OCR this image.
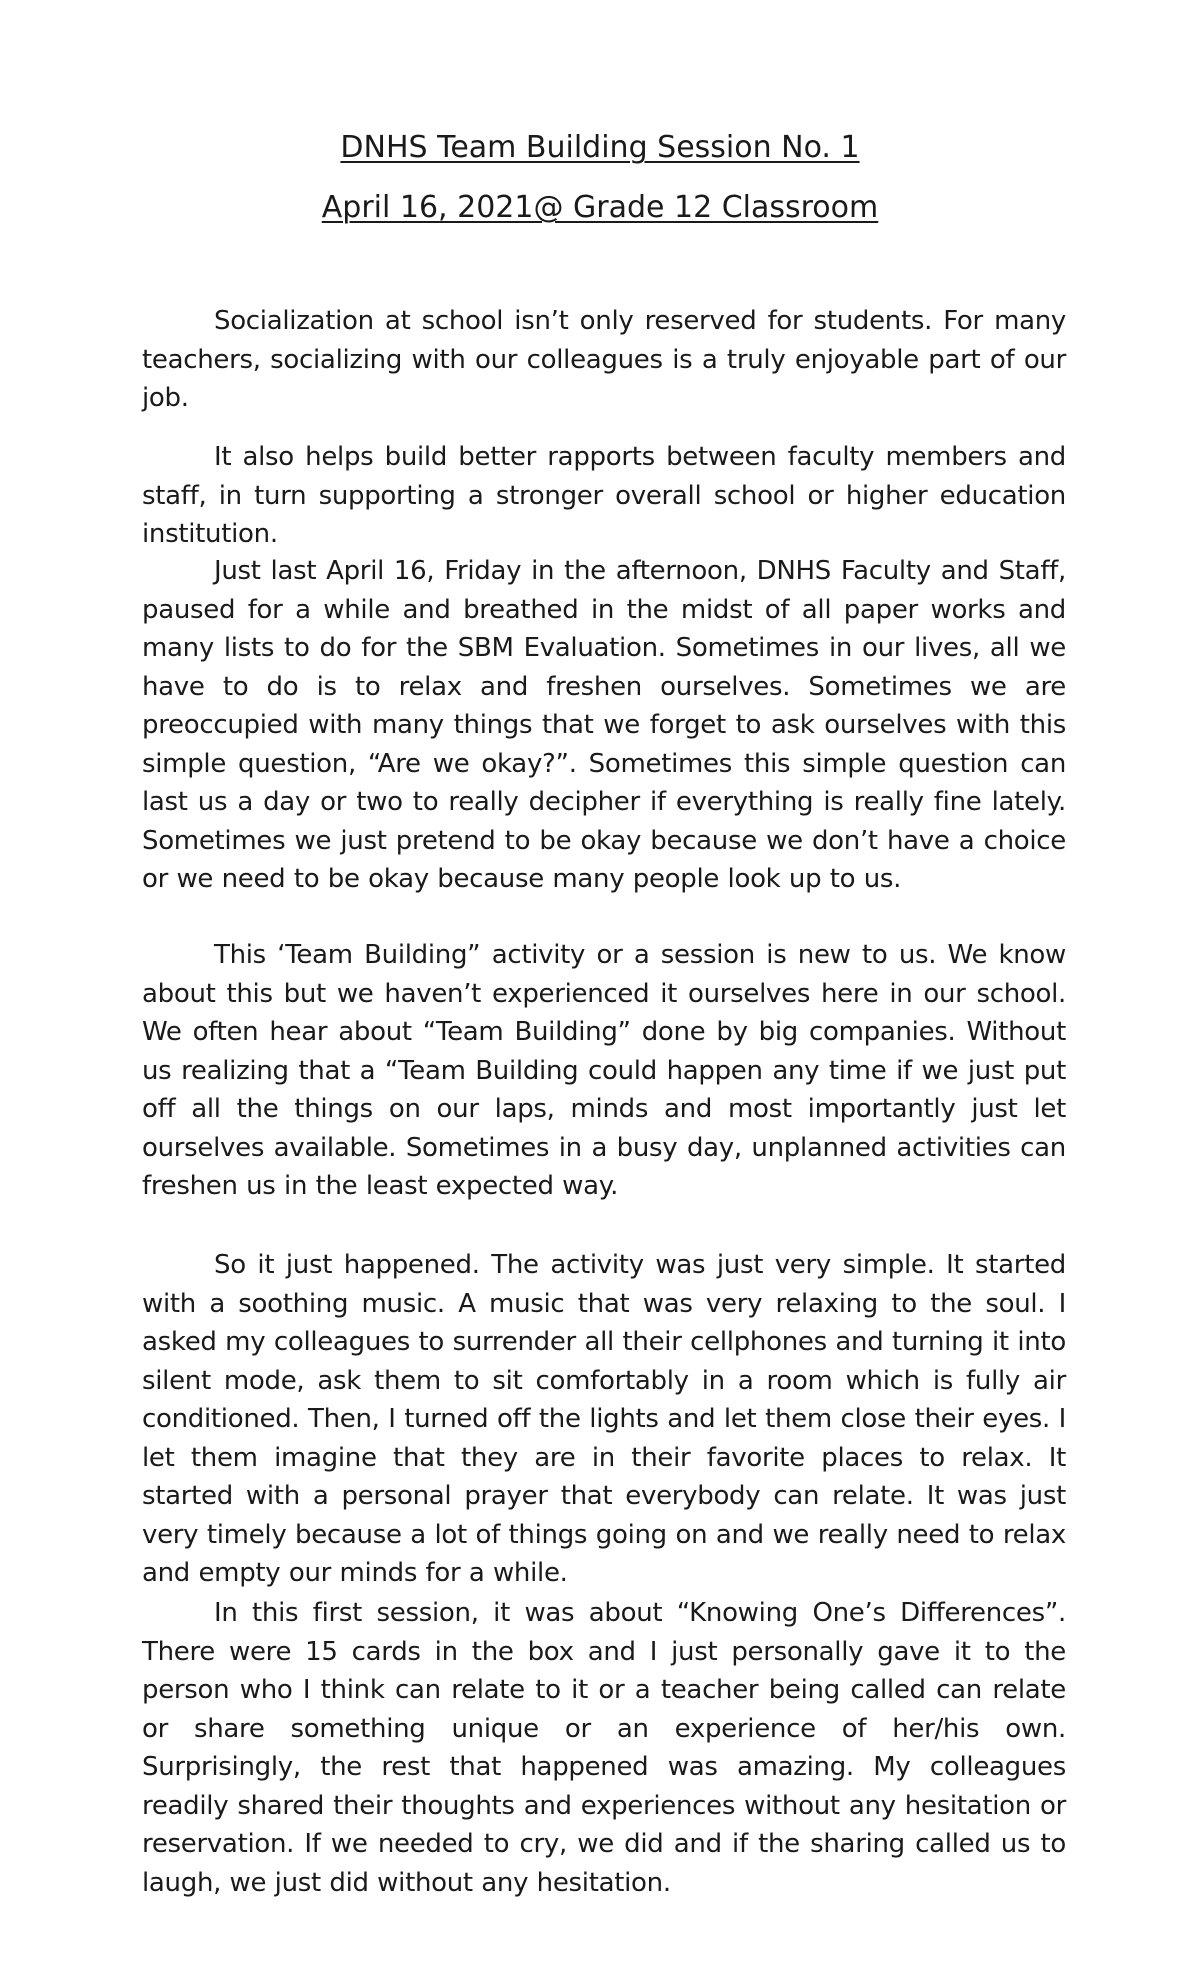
DNHS Team Building Session No. 1
April 16, 2021@ Grade 12 Classroom

Socialization at school isn’t only reserved for students. For many teachers, socializing with our colleagues is a truly enjoyable part of our job.

It also helps build better rapports between faculty members and staff, in turn supporting a stronger overall school or higher education institution.

Just last April 16, Friday in the afternoon, DNHS Faculty and Staff, paused for a while and breathed in the midst of all paper works and many lists to do for the SBM Evaluation. Sometimes in our lives, all we have to do is to relax and freshen ourselves. Sometimes we are preoccupied with many things that we forget to ask ourselves with this simple question, “Are we okay?”. Sometimes this simple question can last us a day or two to really decipher if everything is really fine lately. Sometimes we just pretend to be okay because we don’t have a choice or we need to be okay because many people look up to us.

This ‘Team Building” activity or a session is new to us. We know about this but we haven’t experienced it ourselves here in our school. We often hear about “Team Building” done by big companies. Without us realizing that a “Team Building could happen any time if we just put off all the things on our laps, minds and most importantly just let ourselves available. Sometimes in a busy day, unplanned activities can freshen us in the least expected way.

So it just happened. The activity was just very simple. It started with a soothing music. A music that was very relaxing to the soul. I asked my colleagues to surrender all their cellphones and turning it into silent mode, ask them to sit comfortably in a room which is fully air conditioned. Then, I turned off the lights and let them close their eyes. I let them imagine that they are in their favorite places to relax. It started with a personal prayer that everybody can relate. It was just very timely because a lot of things going on and we really need to relax and empty our minds for a while.

In this first session, it was about “Knowing One’s Differences”. There were 15 cards in the box and I just personally gave it to the person who I think can relate to it or a teacher being called can relate or share something unique or an experience of her/his own. Surprisingly, the rest that happened was amazing. My colleagues readily shared their thoughts and experiences without any hesitation or reservation. If we needed to cry, we did and if the sharing called us to laugh, we just did without any hesitation.
